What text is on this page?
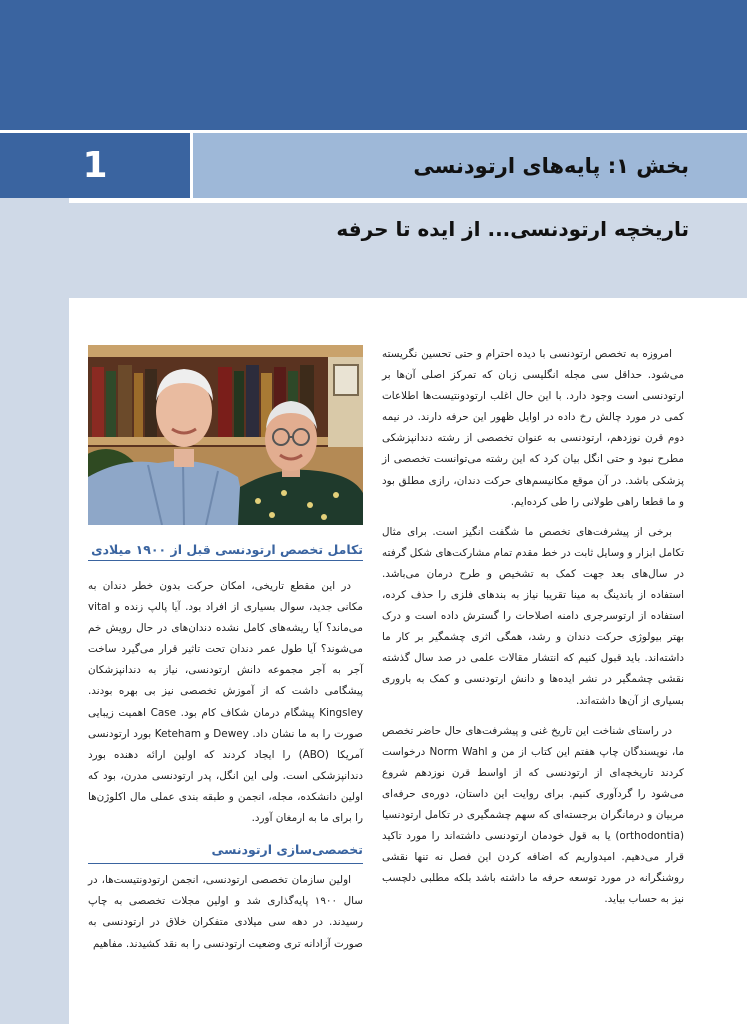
1	بخش ۱: پایه‌های ارتودنسی
تاریخچه ارتودنسی... از ایده تا حرفه
تکامل تخصص ارتودنسی قبل از ۱۹۰۰ میلادی

در این مقطع تاریخی، امکان حرکت بدون خطر دندان به مکانی جدید، سوال بسیاری از افراد بود. آیا پالپ زنده و vital می‌ماند؟ آیا ریشه‌های کامل نشده دندان‌های در حال رویش خم می‌شوند؟ آیا طول عمر دندان تحت تاثیر قرار می‌گیرد ساخت آجر به آجر مجموعه دانش ارتودنسی، نیاز به دندانپزشکان پیشگامی داشت که از آموزش تخصصی نیز بی بهره بودند. Kingsley پیشگام درمان شکاف کام بود. Case اهمیت زیبایی صورت را به ما نشان داد. Dewey و Keteham بورد ارتودنسی آمریکا (ABO) را ایجاد کردند که اولین ارائه دهنده بورد دندانپزشکی است. ولی این انگل، پدر ارتودنسی مدرن، بود که اولین دانشکده، مجله، انجمن و طبقه بندی عملی مال اکلوژن‌ها را برای ما به ارمغان آورد.

تخصصی‌سازی ارتودنسی

اولین سازمان تخصصی ارتودنسی، انجمن ارتودونتیست‌ها، در سال ۱۹۰۰ پایه‌گذاری شد و اولین مجلات تخصصی به چاپ رسیدند. در دهه سی میلادی متفکران خلاق در ارتودنسی به صورت آزادانه تری وضعیت ارتودنسی را به نقد کشیدند. مفاهیم

امروزه به تخصص ارتودنسی با دیده احترام و حتی تحسین نگریسته می‌شود. حداقل سی مجله انگلیسی زبان که تمرکز اصلی آن‌ها بر ارتودنسی است وجود دارد. با این حال اغلب ارتودونتیست‌ها اطلاعات کمی در مورد چالش رخ داده در اوایل ظهور این حرفه دارند. در نیمه دوم قرن نوزدهم، ارتودنسی به عنوان تخصصی از رشته دندانپزشکی مطرح نبود و حتی انگل بیان کرد که این رشته می‌توانست تخصصی از پزشکی باشد. در آن موقع مکانیسم‌های حرکت دندان، رازی مطلق بود و ما قطعا راهی طولانی را طی کرده‌ایم.

برخی از پیشرفت‌های تخصص ما شگفت انگیز است. برای مثال تکامل ابزار و وسایل ثابت در خط مقدم تمام مشارکت‌های شکل گرفته در سال‌های بعد جهت کمک به تشخیص و طرح درمان می‌باشد. استفاده از باندینگ به مینا تقریبا نیاز به بندهای فلزی را حذف کرده، استفاده از ارتوسرجری دامنه اصلاحات را گسترش داده است و درک بهتر بیولوژی حرکت دندان و رشد، همگی اثری چشمگیر بر کار ما داشته‌اند. باید قبول کنیم که انتشار مقالات علمی در صد سال گذشته نقشی چشمگیر در نشر ایده‌ها و دانش ارتودنسی و کمک به باروری بسیاری از آن‌ها داشته‌اند.

در راستای شناخت این تاریخ غنی و پیشرفت‌های حال حاضر تخصص ما، نویسندگان چاپ هفتم این کتاب از من و Norm Wahl درخواست کردند تاریخچه‌ای از ارتودنسی که از اواسط قرن نوزدهم شروع می‌شود را گردآوری کنیم. برای روایت این داستان، دوره‌ی حرفه‌ای مربیان و درمانگران برجسته‌ای که سهم چشمگیری در تکامل ارتودنسیا (orthodontia) یا به قول خودمان ارتودنسی داشته‌اند را مورد تاکید قرار می‌دهیم. امیدواریم که اضافه کردن این فصل نه تنها نقشی روشنگرانه در مورد توسعه حرفه ما داشته باشد بلکه مطلبی دلچسب نیز به حساب بیاید.
